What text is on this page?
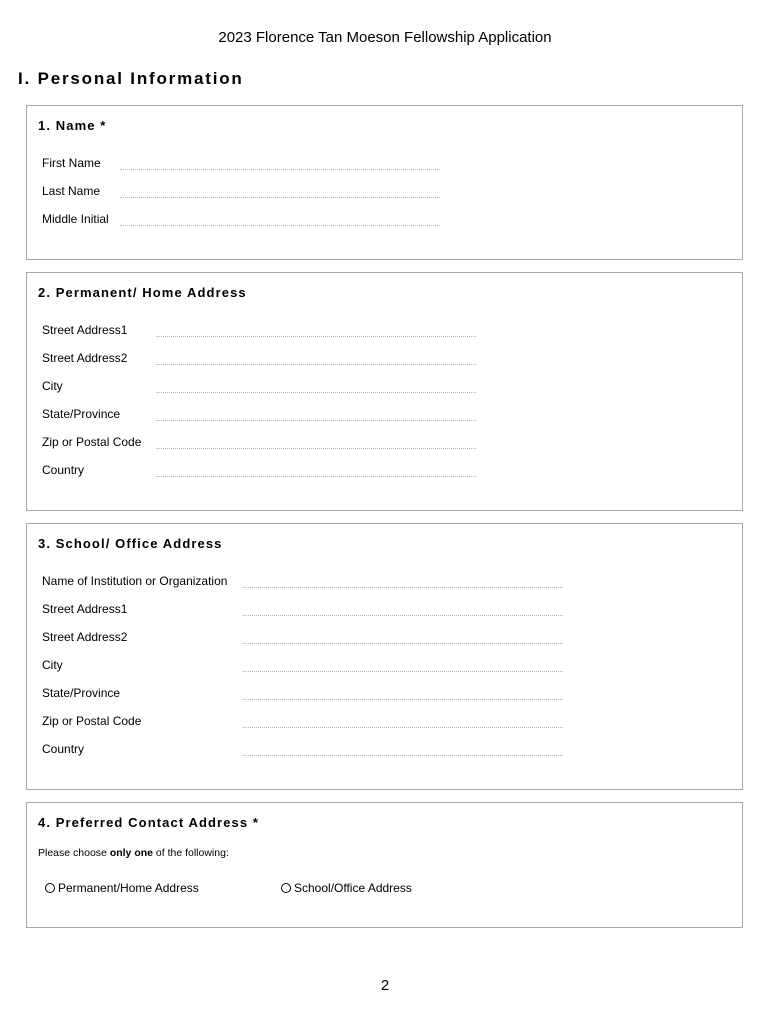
2023 Florence Tan Moeson Fellowship Application
I. Personal Information
1. Name *
First Name
Last Name
Middle Initial
2. Permanent/ Home Address
Street Address1
Street Address2
City
State/Province
Zip or Postal Code
Country
3. School/ Office Address
Name of Institution or Organization
Street Address1
Street Address2
City
State/Province
Zip or Postal Code
Country
4. Preferred Contact Address *
Please choose only one of the following:
Permanent/Home Address	School/Office Address
2
